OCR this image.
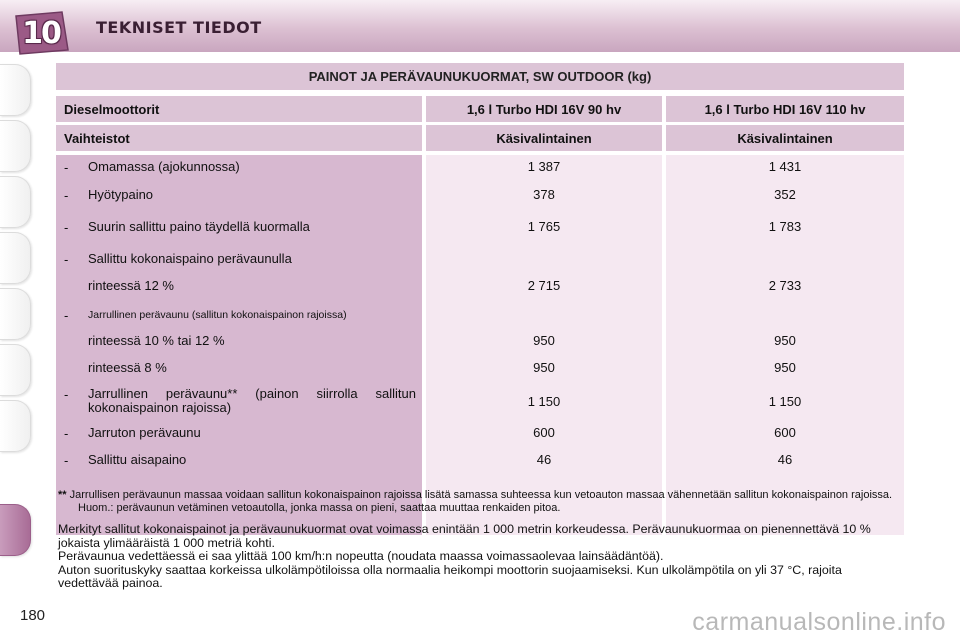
10	TEKNISET TIEDOT
PAINOT JA PERÄVAUNUKUORMAT, SW OUTDOOR (kg)
Dieselmoottorit	1,6 l Turbo HDI 16V 90 hv	1,6 l Turbo HDI 16V 110 hv
Vaihteistot	Käsivalintainen	Käsivalintainen
-	Omamassa (ajokunnossa)	1 387	1 431
-	Hyötypaino	378	352
-	Suurin sallittu paino täydellä kuormalla	1 765	1 783
-	Sallittu kokonaispaino perävaunulla
rinteessä 12 %	2 715	2 733
-	Jarrullinen perävaunu (sallitun kokonaispainon rajoissa)
rinteessä 10 % tai 12 %	950	950
rinteessä 8 %	950	950
-	Jarrullinen perävaunu** (painon siirrolla sallitun kokonaispainon rajoissa)	1 150	1 150
-	Jarruton perävaunu	600	600
-	Sallittu aisapaino	46	46
** Jarrullisen perävaunun massaa voidaan sallitun kokonaispainon rajoissa lisätä samassa suhteessa kun vetoauton massaa vähennetään sallitun kokonaispainon rajoissa. Huom.: perävaunun vetäminen vetoautolla, jonka massa on pieni, saattaa muuttaa renkaiden pitoa.

Merkityt sallitut kokonaispainot ja perävaunukuormat ovat voimassa enintään 1 000 metrin korkeudessa. Perävaunukuormaa on pienennettävä 10 % jokaista ylimääräistä 1 000 metriä kohti.

Perävaunua vedettäessä ei saa ylittää 100 km/h:n nopeutta (noudata maassa voimassaolevaa lainsäädäntöä).

Auton suorituskyky saattaa korkeissa ulkolämpötiloissa olla normaalia heikompi moottorin suojaamiseksi. Kun ulkolämpötila on yli 37 °C, rajoita vedettävää painoa.

180	carmanualsonline.info
